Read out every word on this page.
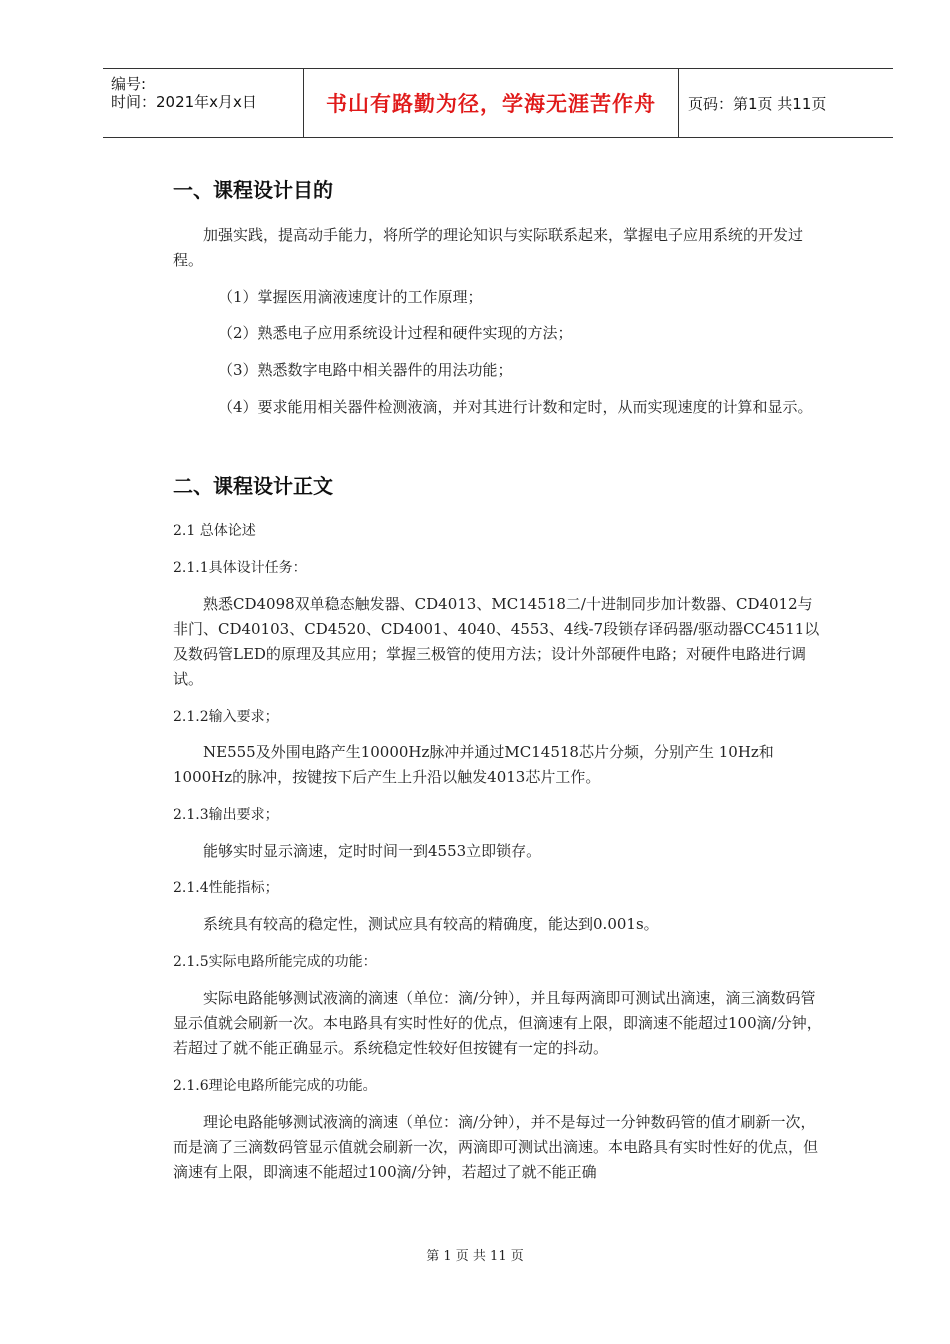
编号:
时间：2021年x月x日	书山有路勤为径，学海无涯苦作舟	页码：第1页 共11页
一、课程设计目的

加强实践，提高动手能力，将所学的理论知识与实际联系起来，掌握电子应用系统的开发过程。

（1）掌握医用滴液速度计的工作原理；

（2）熟悉电子应用系统设计过程和硬件实现的方法；

（3）熟悉数字电路中相关器件的用法功能；

（4）要求能用相关器件检测液滴，并对其进行计数和定时，从而实现速度的计算和显示。

二、课程设计正文

2.1 总体论述

2.1.1具体设计任务：

熟悉CD4098双单稳态触发器、CD4013、MC14518二/十进制同步加计数器、CD4012与非门、CD40103、CD4520、CD4001、4040、4553、4线-7段锁存译码器/驱动器CC4511以及数码管LED的原理及其应用；掌握三极管的使用方法；设计外部硬件电路；对硬件电路进行调试。

2.1.2输入要求；

NE555及外围电路产生10000Hz脉冲并通过MC14518芯片分频，分别产生 10Hz和1000Hz的脉冲，按键按下后产生上升沿以触发4013芯片工作。

2.1.3输出要求；

能够实时显示滴速，定时时间一到4553立即锁存。

2.1.4性能指标；

系统具有较高的稳定性，测试应具有较高的精确度，能达到0.001s。

2.1.5实际电路所能完成的功能：

实际电路能够测试液滴的滴速（单位：滴/分钟），并且每两滴即可测试出滴速，滴三滴数码管显示值就会刷新一次。本电路具有实时性好的优点，但滴速有上限，即滴速不能超过100滴/分钟，若超过了就不能正确显示。系统稳定性较好但按键有一定的抖动。

2.1.6理论电路所能完成的功能。

理论电路能够测试液滴的滴速（单位：滴/分钟），并不是每过一分钟数码管的值才刷新一次，而是滴了三滴数码管显示值就会刷新一次，两滴即可测试出滴速。本电路具有实时性好的优点，但滴速有上限，即滴速不能超过100滴/分钟，若超过了就不能正确

第 1 页 共 11 页
